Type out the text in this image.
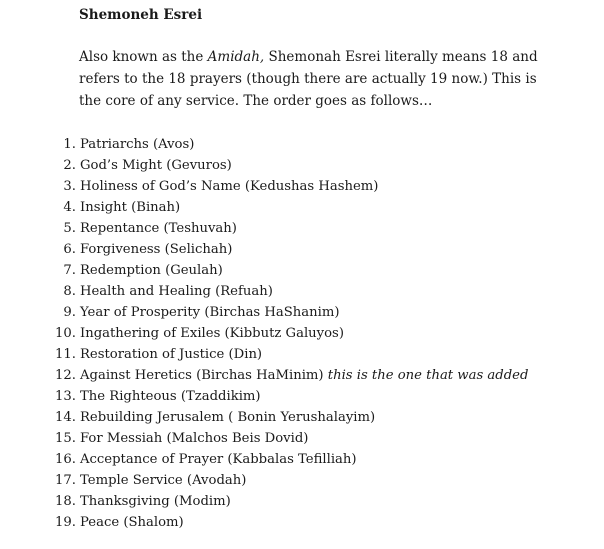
Shemoneh Esrei

Also known as the Amidah, Shemonah Esrei literally means 18 and refers to the 18 prayers (though there are actually 19 now.) This is the core of any service. The order goes as follows…

1. Patriarchs (Avos)
2. God’s Might (Gevuros)
3. Holiness of God’s Name (Kedushas Hashem)
4. Insight (Binah)
5. Repentance (Teshuvah)
6. Forgiveness (Selichah)
7. Redemption (Geulah)
8. Health and Healing (Refuah)
9. Year of Prosperity (Birchas HaShanim)
10. Ingathering of Exiles (Kibbutz Galuyos)
11. Restoration of Justice (Din)
12. Against Heretics (Birchas HaMinim) this is the one that was added
13. The Righteous (Tzaddikim)
14. Rebuilding Jerusalem ( Bonin Yerushalayim)
15. For Messiah (Malchos Beis Dovid)
16. Acceptance of Prayer (Kabbalas Tefilliah)
17. Temple Service (Avodah)
18. Thanksgiving (Modim)
19. Peace (Shalom)
